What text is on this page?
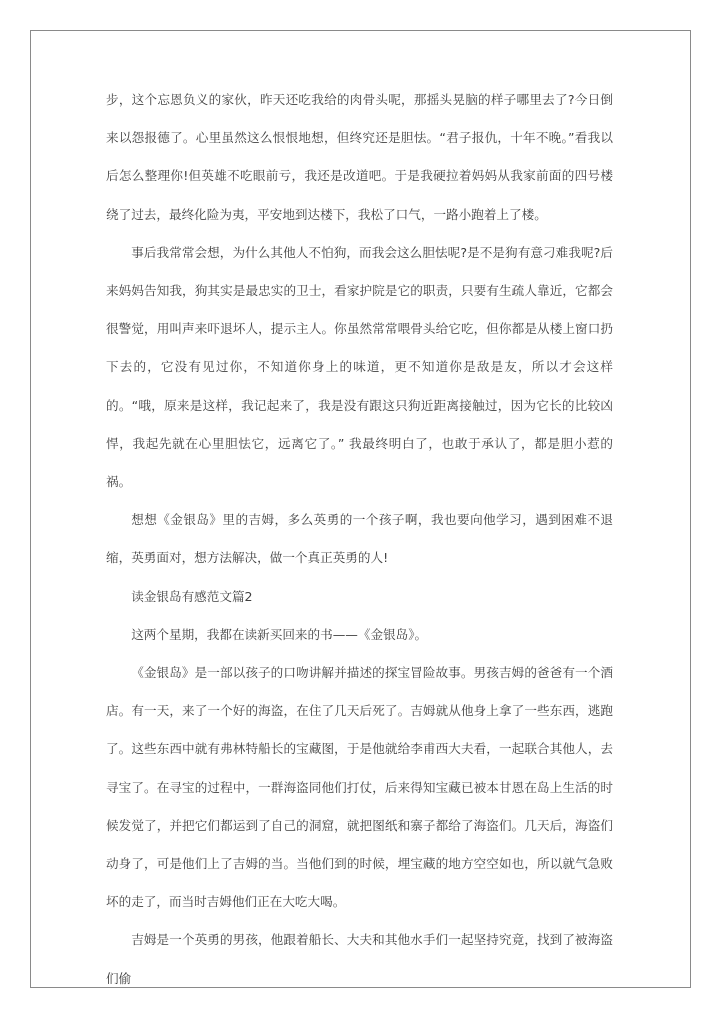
步，这个忘恩负义的家伙，昨天还吃我给的肉骨头呢，那摇头晃脑的样子哪里去了?今日倒来以怨报德了。心里虽然这么恨恨地想，但终究还是胆怯。“君子报仇，十年不晚。”看我以后怎么整理你!但英雄不吃眼前亏，我还是改道吧。于是我硬拉着妈妈从我家前面的四号楼绕了过去，最终化险为夷，平安地到达楼下，我松了口气，一路小跑着上了楼。

事后我常常会想，为什么其他人不怕狗，而我会这么胆怯呢?是不是狗有意刁难我呢?后来妈妈告知我，狗其实是最忠实的卫士，看家护院是它的职责，只要有生疏人靠近，它都会很警觉，用叫声来吓退坏人，提示主人。你虽然常常喂骨头给它吃，但你都是从楼上窗口扔下去的，它没有见过你，不知道你身上的味道，更不知道你是敌是友，所以才会这样的。“哦，原来是这样，我记起来了，我是没有跟这只狗近距离接触过，因为它长的比较凶悍，我起先就在心里胆怯它，远离它了。” 我最终明白了，也敢于承认了，都是胆小惹的祸。

想想《金银岛》里的吉姆，多么英勇的一个孩子啊，我也要向他学习，遇到困难不退缩，英勇面对，想方法解决，做一个真正英勇的人!

读金银岛有感范文篇2

这两个星期，我都在读新买回来的书——《金银岛》。

《金银岛》是一部以孩子的口吻讲解并描述的探宝冒险故事。男孩吉姆的爸爸有一个酒店。有一天，来了一个好的海盗，在住了几天后死了。吉姆就从他身上拿了一些东西，逃跑了。这些东西中就有弗林特船长的宝藏图，于是他就给李甫西大夫看，一起联合其他人，去寻宝了。在寻宝的过程中，一群海盗同他们打仗，后来得知宝藏已被本甘恩在岛上生活的时候发觉了，并把它们都运到了自己的洞窟，就把图纸和寨子都给了海盗们。几天后，海盗们动身了，可是他们上了吉姆的当。当他们到的时候，埋宝藏的地方空空如也，所以就气急败坏的走了，而当时吉姆他们正在大吃大喝。

吉姆是一个英勇的男孩，他跟着船长、大夫和其他水手们一起坚持究竟，找到了被海盗们偷
